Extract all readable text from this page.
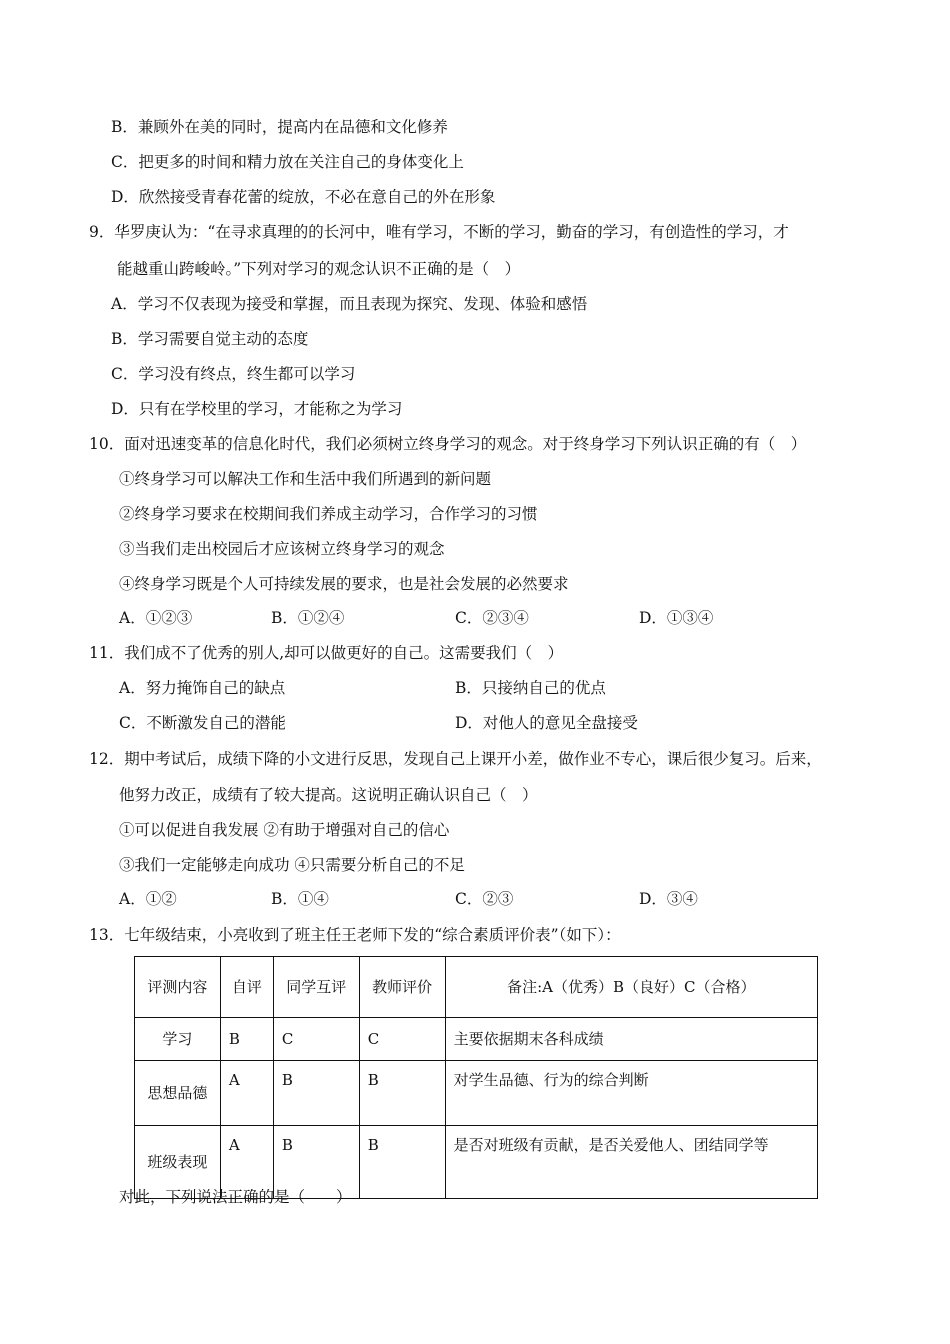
B．兼顾外在美的同时，提高内在品德和文化修养
C．把更多的时间和精力放在关注自己的身体变化上
D．欣然接受青春花蕾的绽放，不必在意自己的外在形象
9．华罗庚认为：“在寻求真理的的长河中，唯有学习，不断的学习，勤奋的学习，有创造性的学习，才
能越重山跨峻岭。”下列对学习的观念认识不正确的是（　）
A．学习不仅表现为接受和掌握，而且表现为探究、发现、体验和感悟
B．学习需要自觉主动的态度
C．学习没有终点，终生都可以学习
D．只有在学校里的学习，才能称之为学习
10．面对迅速变革的信息化时代，我们必须树立终身学习的观念。对于终身学习下列认识正确的有（　）
①终身学习可以解决工作和生活中我们所遇到的新问题
②终身学习要求在校期间我们养成主动学习，合作学习的习惯
③当我们走出校园后才应该树立终身学习的观念
④终身学习既是个人可持续发展的要求，也是社会发展的必然要求
A．①②③	B．①②④	C．②③④	D．①③④
11．我们成不了优秀的别人,却可以做更好的自己。这需要我们（　）
A．努力掩饰自己的缺点	B．只接纳自己的优点
C．不断激发自己的潜能	D．对他人的意见全盘接受
12．期中考试后，成绩下降的小文进行反思，发现自己上课开小差，做作业不专心，课后很少复习。后来，
他努力改正，成绩有了较大提高。这说明正确认识自己（　）
①可以促进自我发展 ②有助于增强对自己的信心
③我们一定能够走向成功 ④只需要分析自己的不足
A．①②	B．①④	C．②③	D．③④
13．七年级结束，小亮收到了班主任王老师下发的“综合素质评价表”（如下）：
评测内容	自评	同学互评	教师评价	备注:A（优秀）B（良好）C（合格）
学习	B	C	C	主要依据期末各科成绩
思想品德	A	B	B	对学生品德、行为的综合判断
班级表现	A	B	B	是否对班级有贡献，是否关爱他人、团结同学等
对此，下列说法正确的是（　　）
